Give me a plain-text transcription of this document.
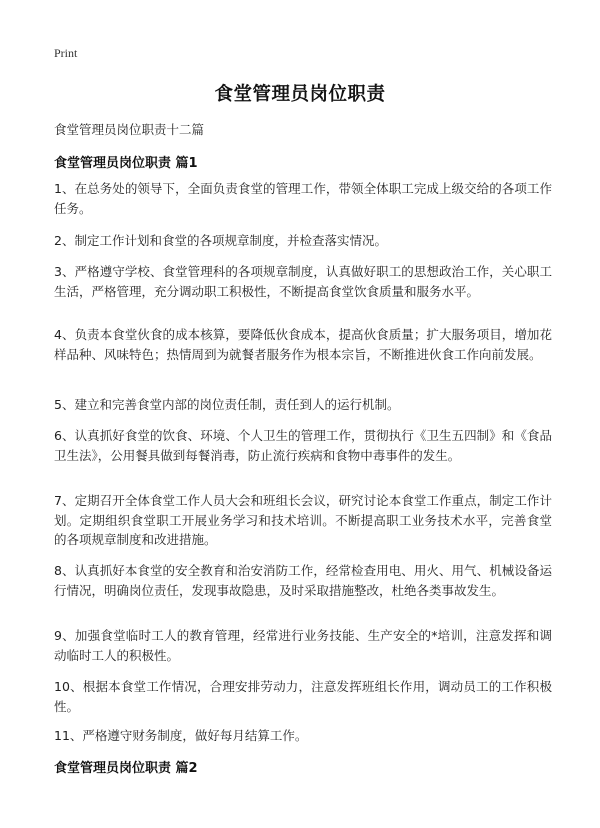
Print
食堂管理员岗位职责
食堂管理员岗位职责十二篇
食堂管理员岗位职责 篇1
1、在总务处的领导下，全面负责食堂的管理工作，带领全体职工完成上级交给的各项工作任务。
2、制定工作计划和食堂的各项规章制度，并检查落实情况。
3、严格遵守学校、食堂管理科的各项规章制度，认真做好职工的思想政治工作，关心职工生活，严格管理，充分调动职工积极性，不断提高食堂饮食质量和服务水平。
4、负责本食堂伙食的成本核算，要降低伙食成本，提高伙食质量；扩大服务项目，增加花样品种、风味特色；热情周到为就餐者服务作为根本宗旨，不断推进伙食工作向前发展。
5、建立和完善食堂内部的岗位责任制，责任到人的运行机制。
6、认真抓好食堂的饮食、环境、个人卫生的管理工作，贯彻执行《卫生五四制》和《食品卫生法》，公用餐具做到每餐消毒，防止流行疾病和食物中毒事件的发生。
7、定期召开全体食堂工作人员大会和班组长会议，研究讨论本食堂工作重点，制定工作计划。定期组织食堂职工开展业务学习和技术培训。不断提高职工业务技术水平，完善食堂的各项规章制度和改进措施。
8、认真抓好本食堂的安全教育和治安消防工作，经常检查用电、用火、用气、机械设备运行情况，明确岗位责任，发现事故隐患，及时采取措施整改，杜绝各类事故发生。
9、加强食堂临时工人的教育管理，经常进行业务技能、生产安全的*培训，注意发挥和调动临时工人的积极性。
10、根据本食堂工作情况，合理安排劳动力，注意发挥班组长作用，调动员工的工作积极性。
11、严格遵守财务制度，做好每月结算工作。
食堂管理员岗位职责 篇2
